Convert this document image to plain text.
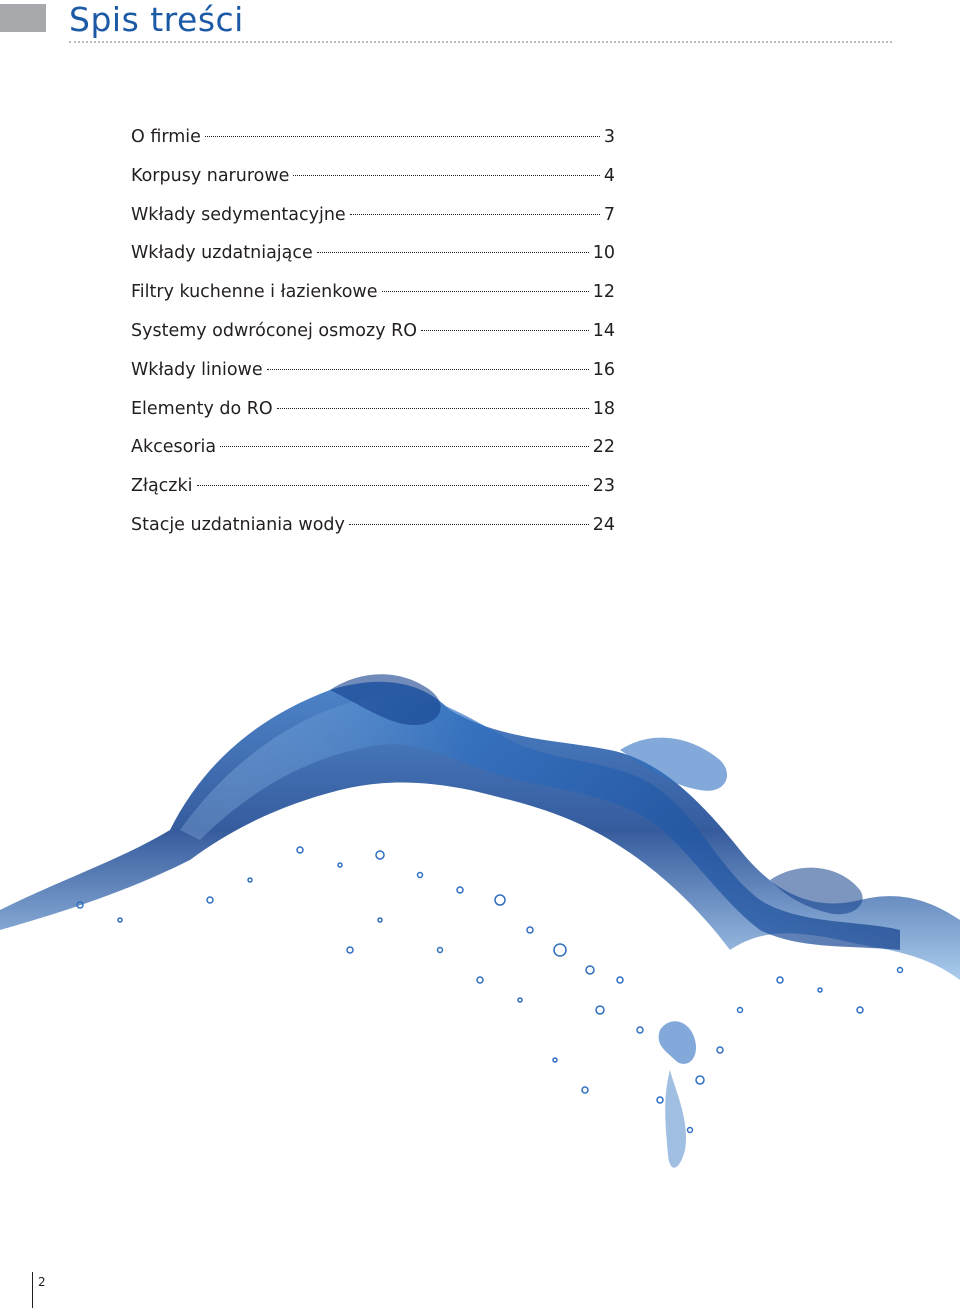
Spis treści
O firmie	3
Korpusy narurowe	4
Wkłady sedymentacyjne	7
Wkłady uzdatniające	10
Filtry kuchenne i łazienkowe	12
Systemy odwróconej osmozy RO	14
Wkłady liniowe	16
Elementy do RO	18
Akcesoria	22
Złączki	23
Stacje uzdatniania wody	24
2
